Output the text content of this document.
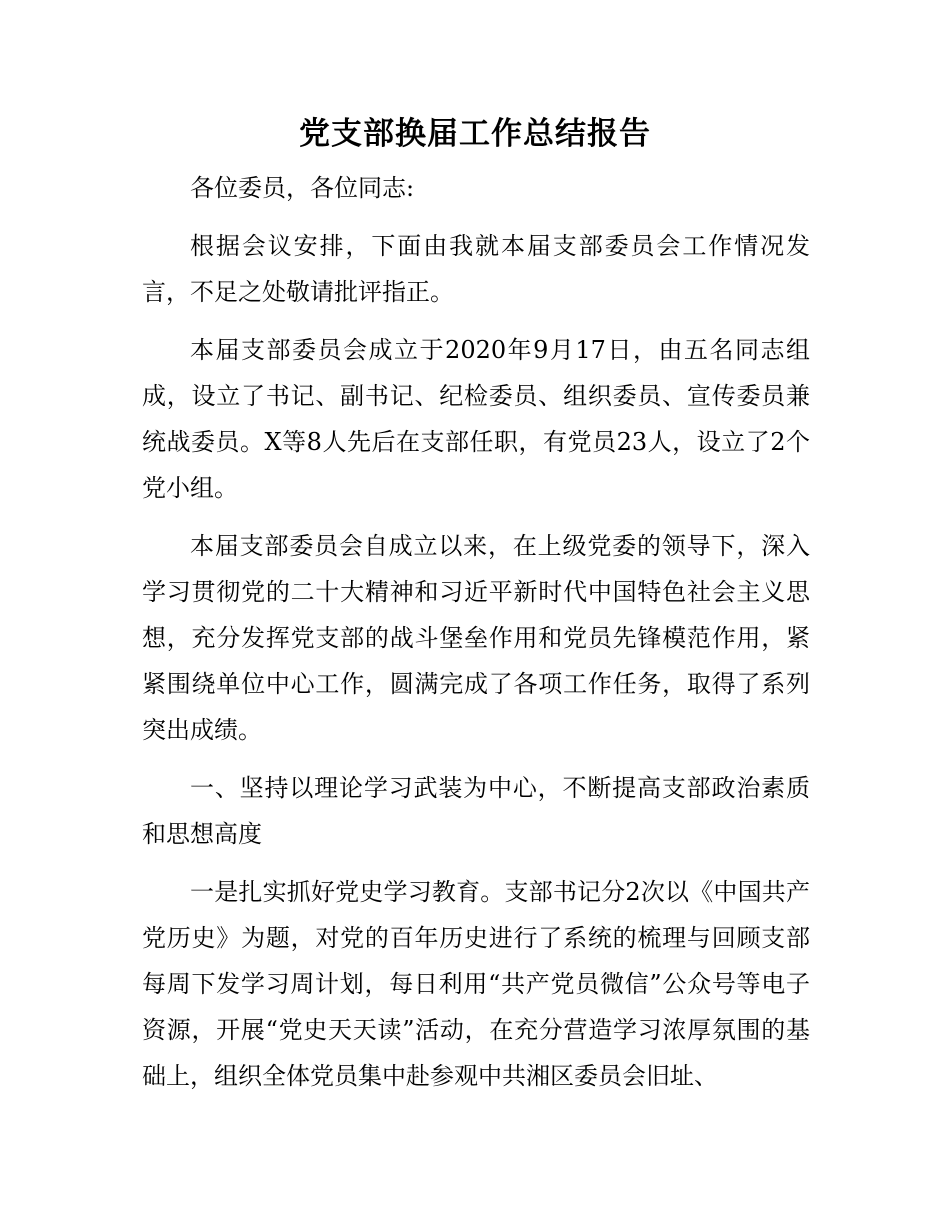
党支部换届工作总结报告

各位委员，各位同志:

根据会议安排，下面由我就本届支部委员会工作情况发言，不足之处敬请批评指正。

本届支部委员会成立于2020年9月17日，由五名同志组成，设立了书记、副书记、纪检委员、组织委员、宣传委员兼统战委员。X等8人先后在支部任职，有党员23人，设立了2个党小组。

本届支部委员会自成立以来，在上级党委的领导下，深入学习贯彻党的二十大精神和习近平新时代中国特色社会主义思想，充分发挥党支部的战斗堡垒作用和党员先锋模范作用，紧紧围绕单位中心工作，圆满完成了各项工作任务，取得了系列突出成绩。

一、坚持以理论学习武装为中心，不断提高支部政治素质和思想高度

一是扎实抓好党史学习教育。支部书记分2次以《中国共产党历史》为题，对党的百年历史进行了系统的梳理与回顾支部每周下发学习周计划，每日利用“共产党员微信”公众号等电子资源，开展“党史天天读”活动，在充分营造学习浓厚氛围的基础上，组织全体党员集中赴参观中共湘区委员会旧址、
